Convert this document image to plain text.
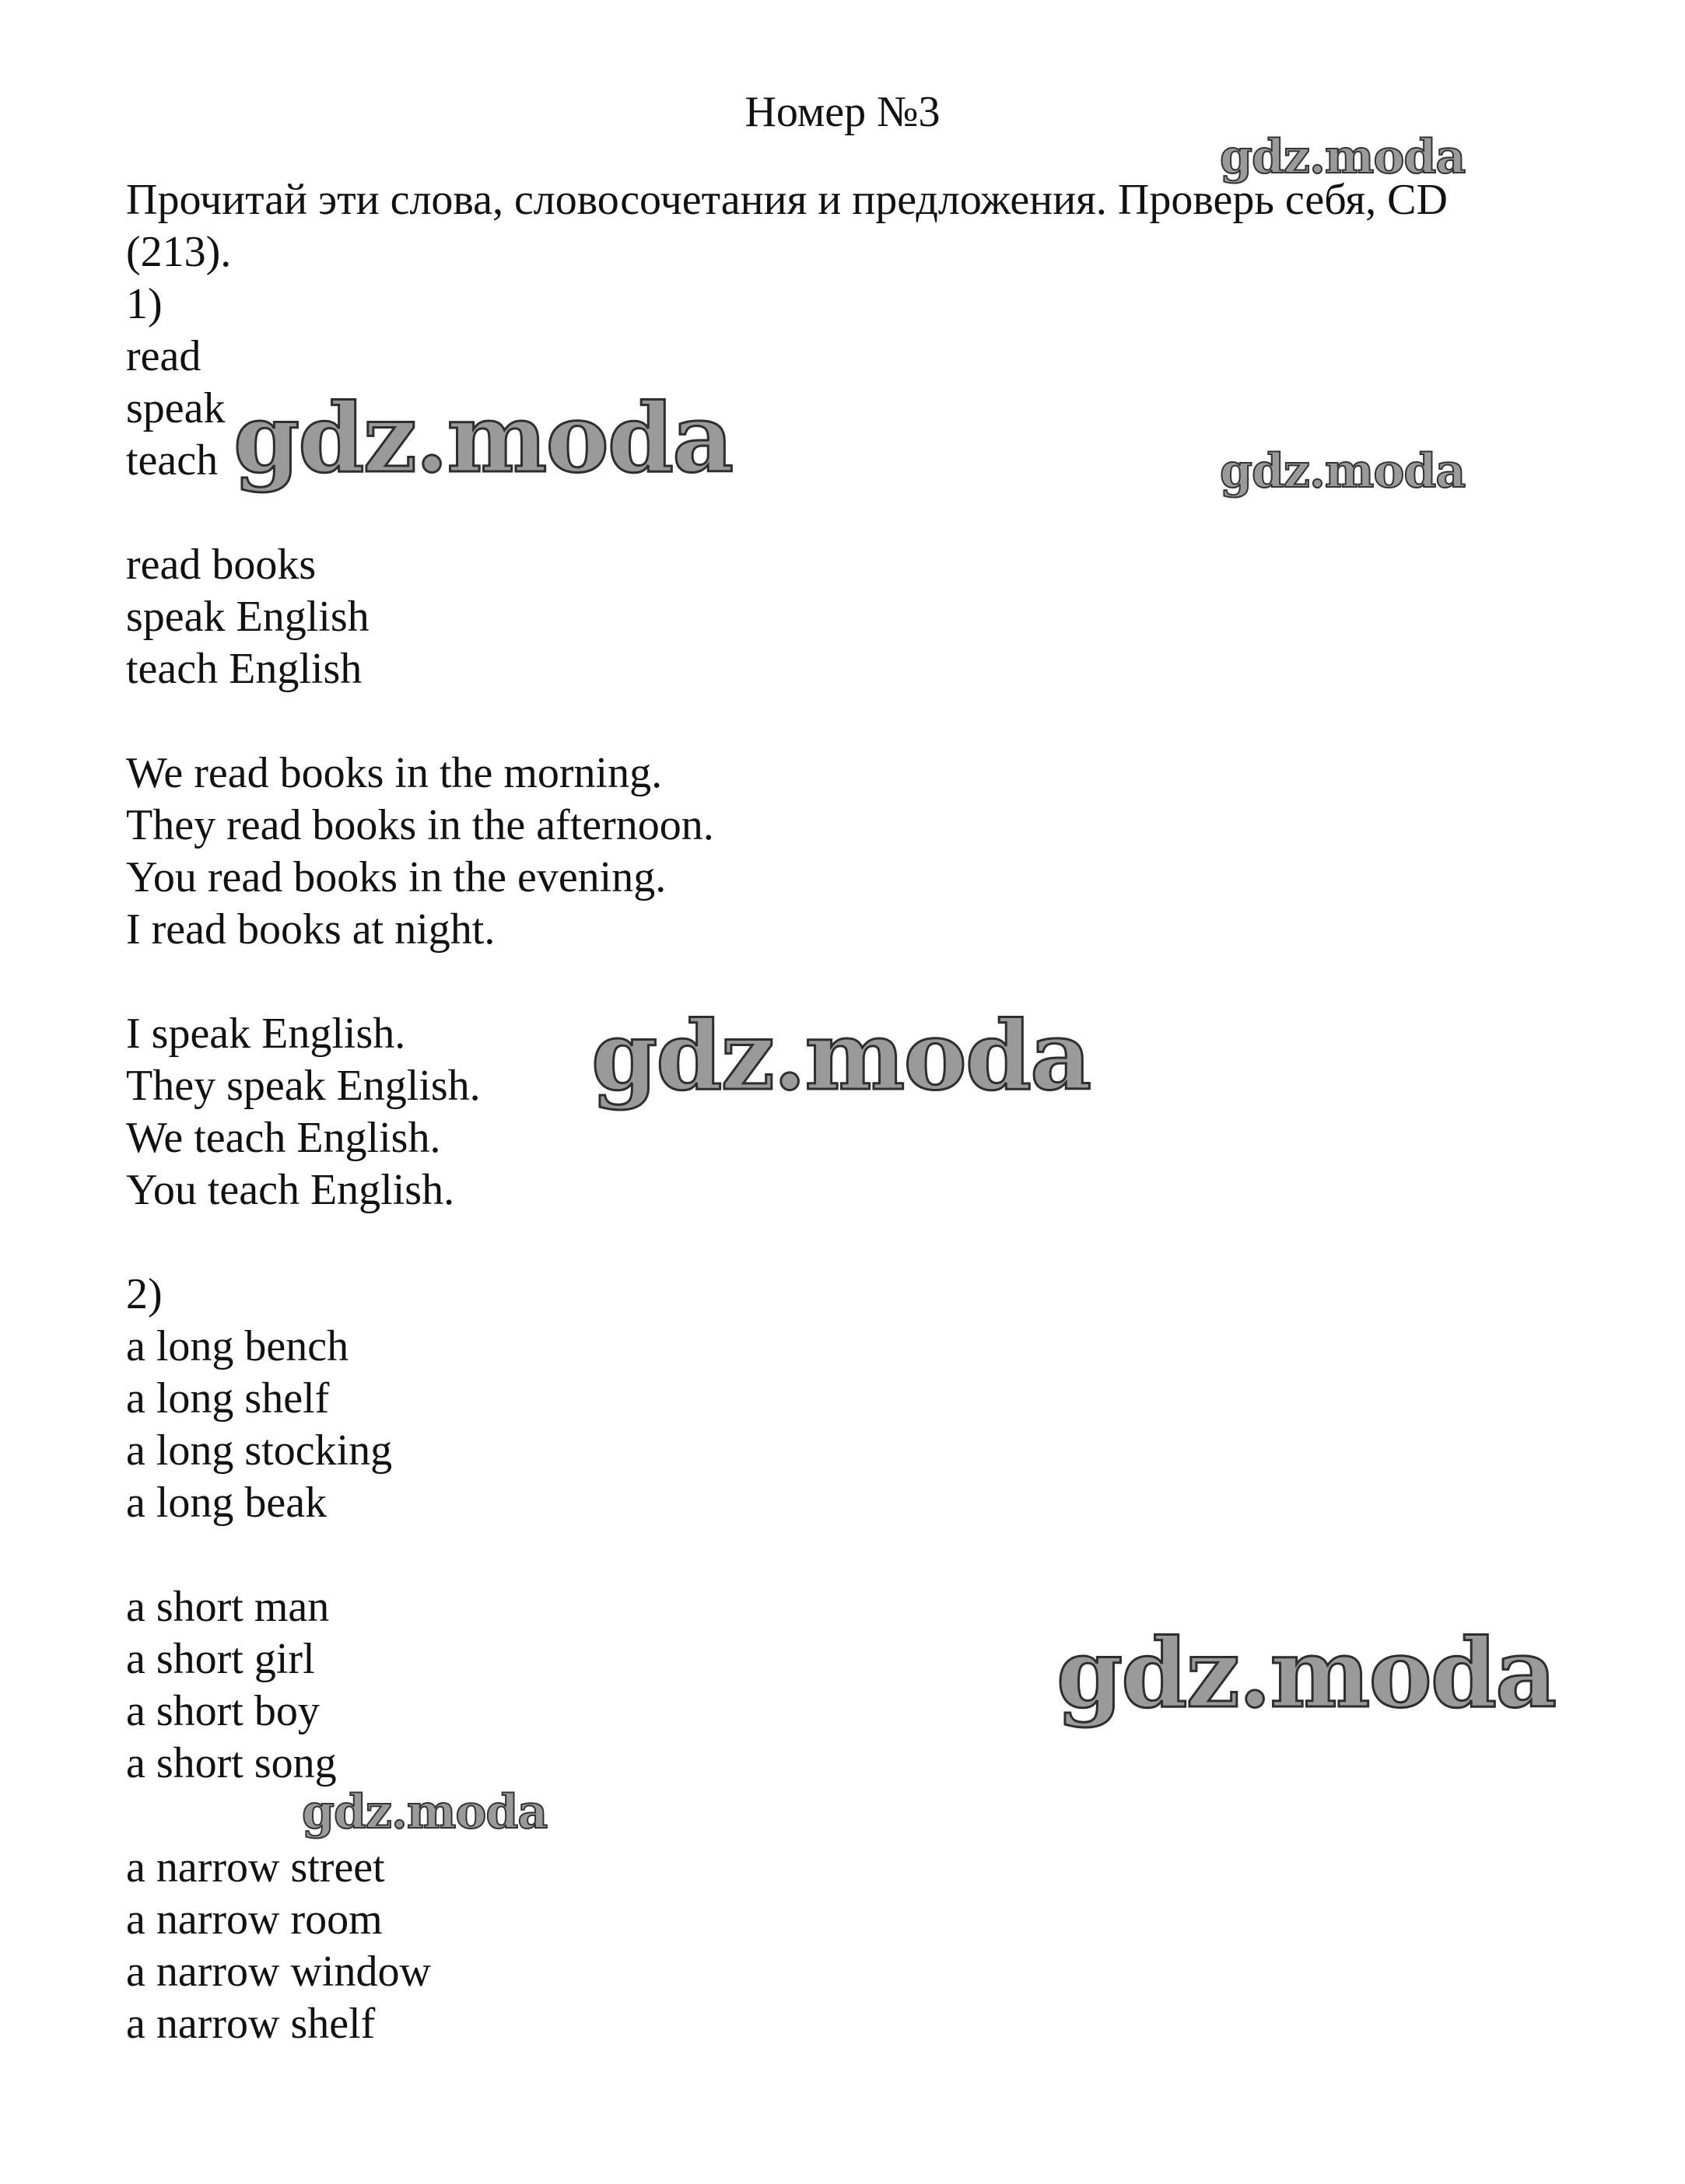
Номер №3
Прочитай эти слова, словосочетания и предложения. Проверь себя, CD (213).
1)
read
speak
teach
read books
speak English
teach English
We read books in the morning.
They read books in the afternoon.
You read books in the evening.
I read books at night.
I speak English.
They speak English.
We teach English.
You teach English.
2)
a long bench
a long shelf
a long stocking
a long beak
a short man
a short girl
a short boy
a short song
a narrow street
a narrow room
a narrow window
a narrow shelf
gdz.moda
gdz.moda	gdz.moda
gdz.moda
gdz.moda
gdz.moda
